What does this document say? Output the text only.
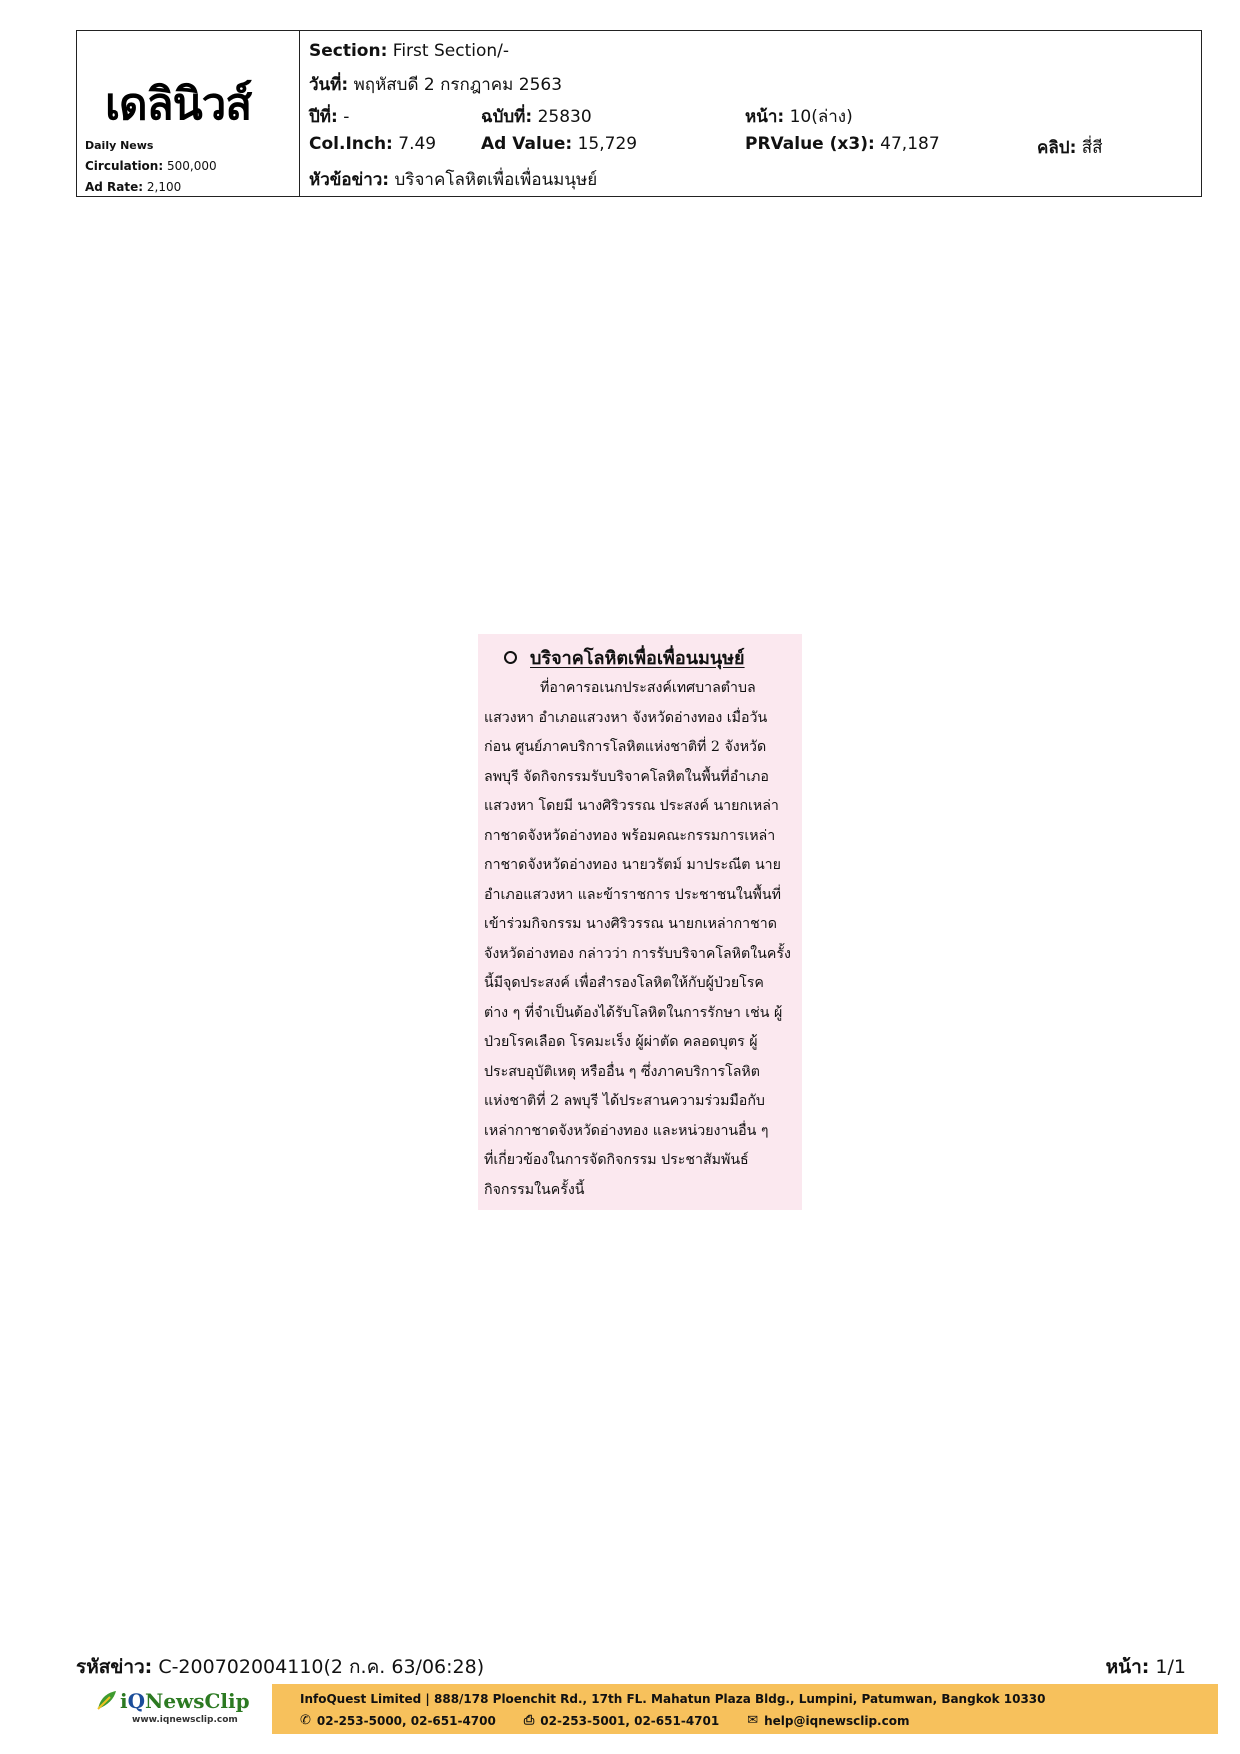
เดลินิวส์
Daily News
Circulation: 500,000
Ad Rate: 2,100
Section: First Section/-
วันที่: พฤหัสบดี 2 กรกฎาคม 2563
ปีที่: -	ฉบับที่: 25830	หน้า: 10(ล่าง)
Col.Inch: 7.49	Ad Value: 15,729	PRValue (x3): 47,187	คลิป: สี่สี
หัวข้อข่าว: บริจาคโลหิตเพื่อเพื่อนมนุษย์
บริจาคโลหิตเพื่อเพื่อนมนุษย์
ที่อาคารอเนกประสงค์เทศบาลตำบล
แสวงหา อำเภอแสวงหา จังหวัดอ่างทอง เมื่อวัน
ก่อน ศูนย์ภาคบริการโลหิตแห่งชาติที่ 2 จังหวัด
ลพบุรี จัดกิจกรรมรับบริจาคโลหิตในพื้นที่อำเภอ
แสวงหา โดยมี นางศิริวรรณ ประสงค์ นายกเหล่า
กาชาดจังหวัดอ่างทอง พร้อมคณะกรรมการเหล่า
กาชาดจังหวัดอ่างทอง นายวรัตม์ มาประณีต นาย
อำเภอแสวงหา และข้าราชการ ประชาชนในพื้นที่
เข้าร่วมกิจกรรม นางศิริวรรณ นายกเหล่ากาชาด
จังหวัดอ่างทอง กล่าวว่า การรับบริจาคโลหิตในครั้ง
นี้มีจุดประสงค์ เพื่อสำรองโลหิตให้กับผู้ป่วยโรค
ต่าง ๆ ที่จำเป็นต้องได้รับโลหิตในการรักษา เช่น ผู้
ป่วยโรคเลือด โรคมะเร็ง ผู้ผ่าตัด คลอดบุตร ผู้
ประสบอุบัติเหตุ หรืออื่น ๆ ซึ่งภาคบริการโลหิต
แห่งชาติที่ 2 ลพบุรี ได้ประสานความร่วมมือกับ
เหล่ากาชาดจังหวัดอ่างทอง และหน่วยงานอื่น ๆ
ที่เกี่ยวข้องในการจัดกิจกรรม ประชาสัมพันธ์
กิจกรรมในครั้งนี้
รหัสข่าว: C-200702004110(2 ก.ค. 63/06:28)	หน้า: 1/1
iQNewsClip
www.iqnewsclip.com
InfoQuest Limited | 888/178 Ploenchit Rd., 17th FL. Mahatun Plaza Bldg., Lumpini, Patumwan, Bangkok 10330
✆ 02-253-5000, 02-651-4700 ⎙ 02-253-5001, 02-651-4701 ✉ help@iqnewsclip.com
